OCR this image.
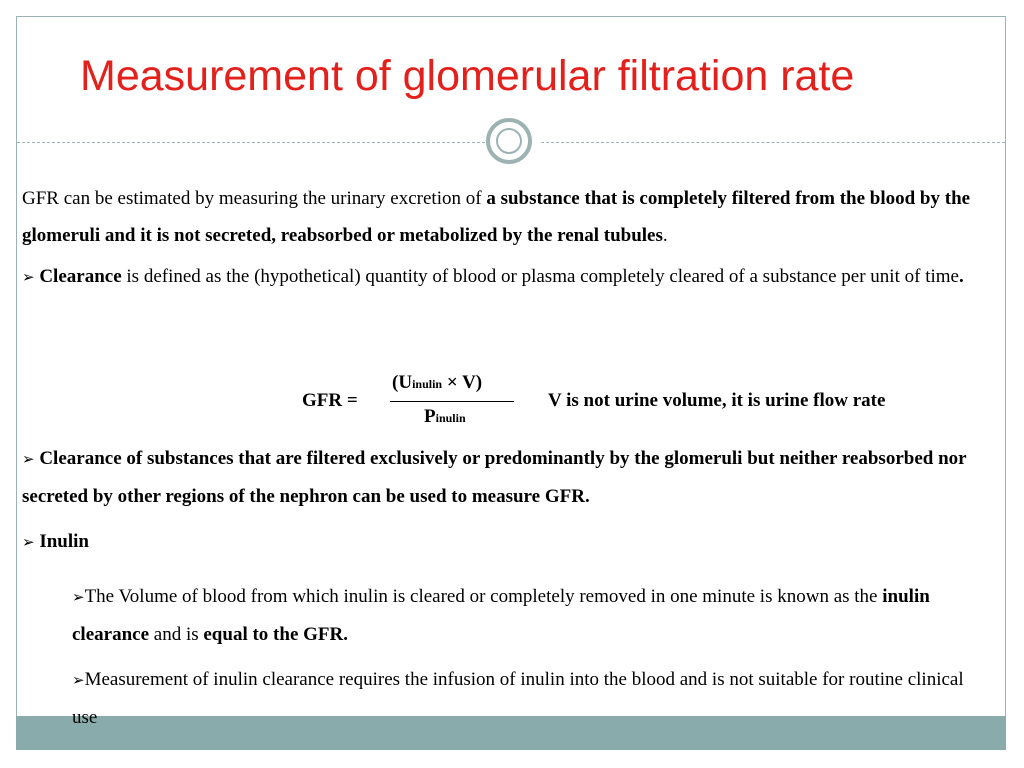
Measurement of glomerular filtration rate

GFR can be estimated by measuring the urinary excretion of a substance that is completely filtered from the blood by the glomeruli and it is not secreted, reabsorbed or metabolized by the renal tubules.

➢ Clearance is defined as the (hypothetical) quantity of blood or plasma completely cleared of a substance per unit of time.

GFR =
(Uinulin × V)
Pinulin
V is not urine volume, it is urine flow rate

➢ Clearance of substances that are filtered exclusively or predominantly by the glomeruli but neither reabsorbed nor secreted by other regions of the nephron can be used to measure GFR.

➢ Inulin

➢The Volume of blood from which inulin is cleared or completely removed in one minute is known as the inulin clearance and is equal to the GFR.

➢Measurement of inulin clearance requires the infusion of inulin into the blood and is not suitable for routine clinical use
